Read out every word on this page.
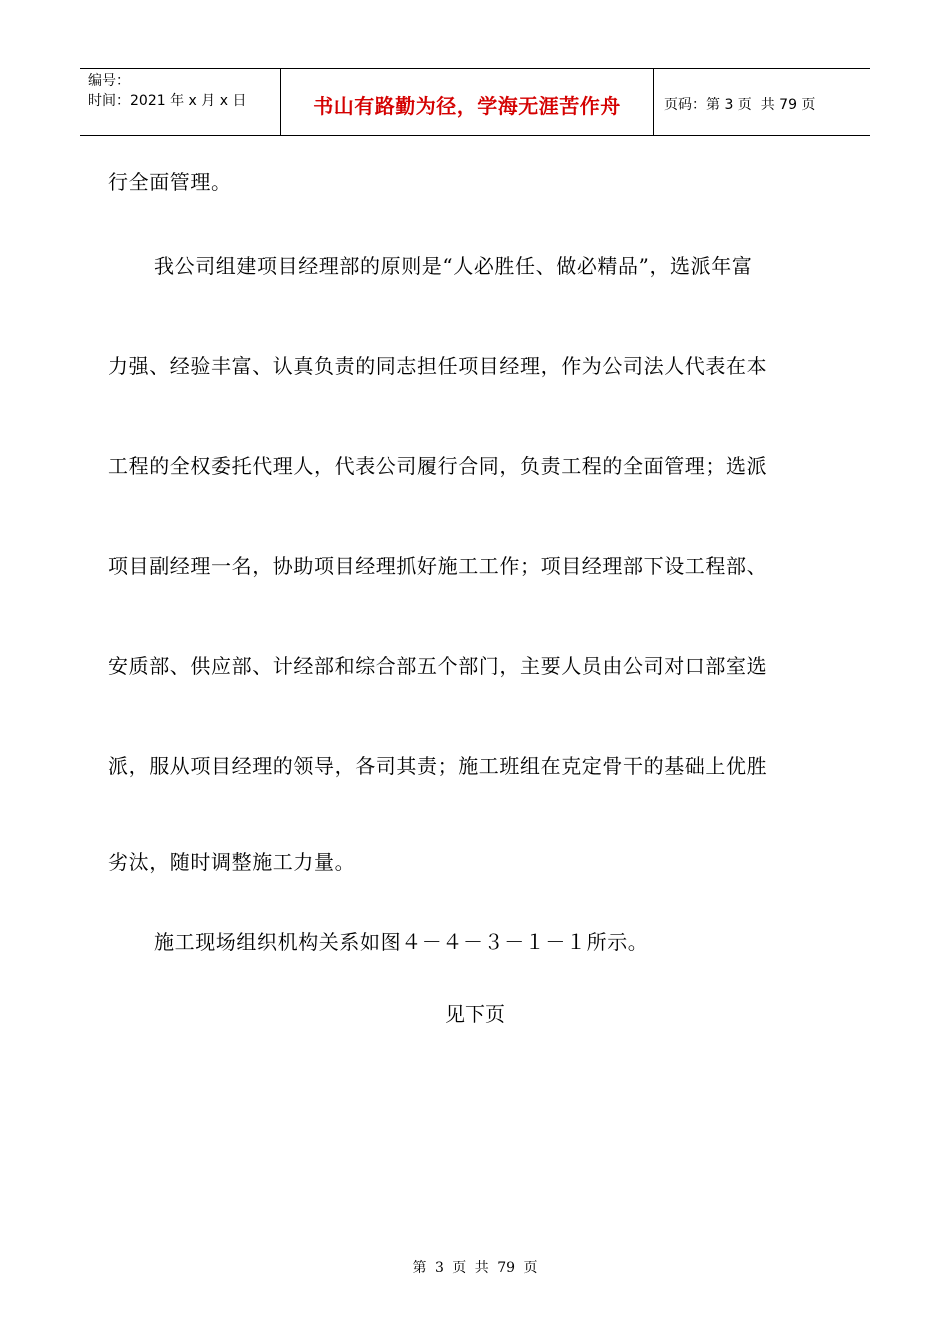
编号：
时间：2021 年 x 月 x 日	书山有路勤为径，学海无涯苦作舟	页码：第 3 页  共 79 页
行全面管理。
我公司组建项目经理部的原则是“人必胜任、做必精品”，选派年富
力强、经验丰富、认真负责的同志担任项目经理，作为公司法人代表在本
工程的全权委托代理人，代表公司履行合同，负责工程的全面管理；选派
项目副经理一名，协助项目经理抓好施工工作；项目经理部下设工程部、
安质部、供应部、计经部和综合部五个部门，主要人员由公司对口部室选
派，服从项目经理的领导，各司其责；施工班组在克定骨干的基础上优胜
劣汰，随时调整施工力量。
施工现场组织机构关系如图４－４－３－１－１所示。
见下页
第 3 页 共 79 页
